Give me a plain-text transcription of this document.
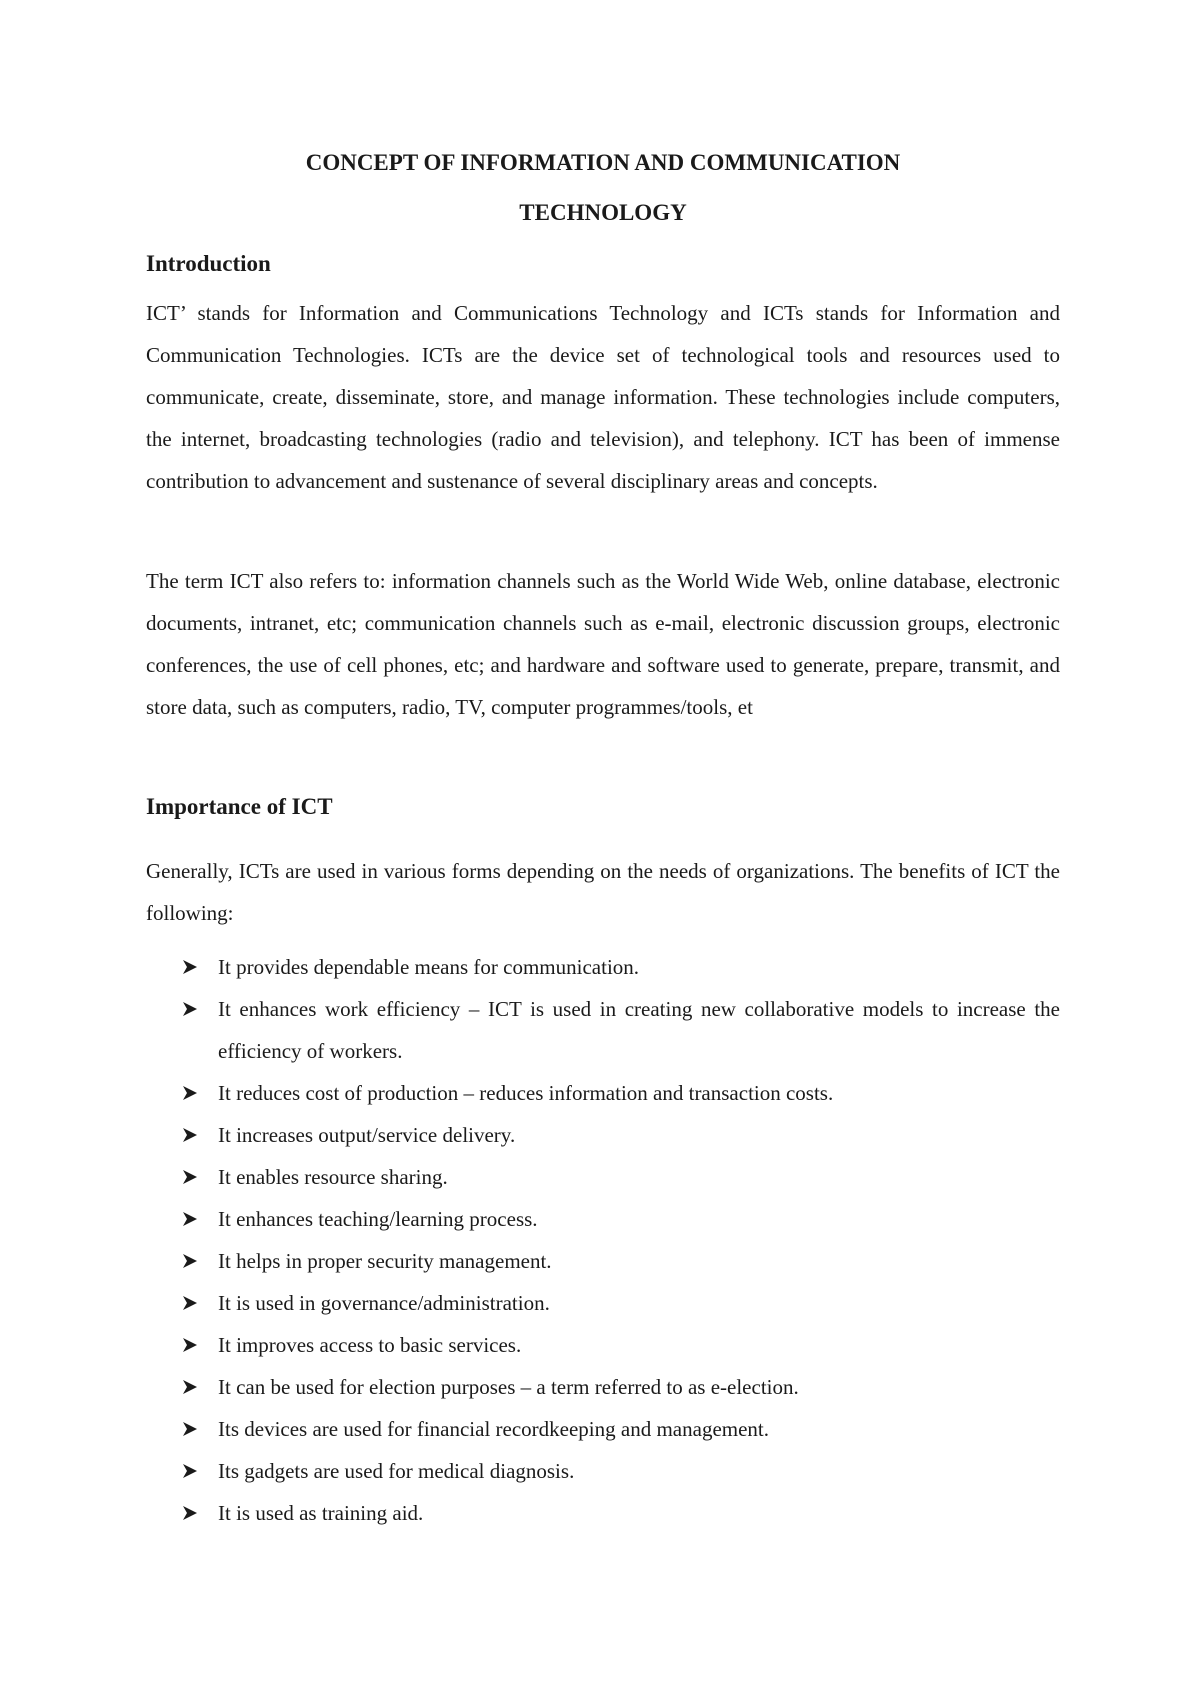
CONCEPT OF INFORMATION AND COMMUNICATION
TECHNOLOGY
Introduction

ICT’ stands for Information and Communications Technology and ICTs stands for Information and Communication Technologies. ICTs are the device set of technological tools and resources used to communicate, create, disseminate, store, and manage information. These technologies include computers, the internet, broadcasting technologies (radio and television), and telephony. ICT has been of immense contribution to advancement and sustenance of several disciplinary areas and concepts.

The term ICT also refers to: information channels such as the World Wide Web, online database, electronic documents, intranet, etc; communication channels such as e-mail, electronic discussion groups, electronic conferences, the use of cell phones, etc; and hardware and software used to generate, prepare, transmit, and store data, such as computers, radio, TV, computer programmes/tools, et

Importance of ICT

Generally, ICTs are used in various forms depending on the needs of organizations. The benefits of ICT the following:

It provides dependable means for communication.
It enhances work efficiency – ICT is used in creating new collaborative models to increase the efficiency of workers.
It reduces cost of production – reduces information and transaction costs.
It increases output/service delivery.
It enables resource sharing.
It enhances teaching/learning process.
It helps in proper security management.
It is used in governance/administration.
It improves access to basic services.
It can be used for election purposes – a term referred to as e-election.
Its devices are used for financial recordkeeping and management.
Its gadgets are used for medical diagnosis.
It is used as training aid.
